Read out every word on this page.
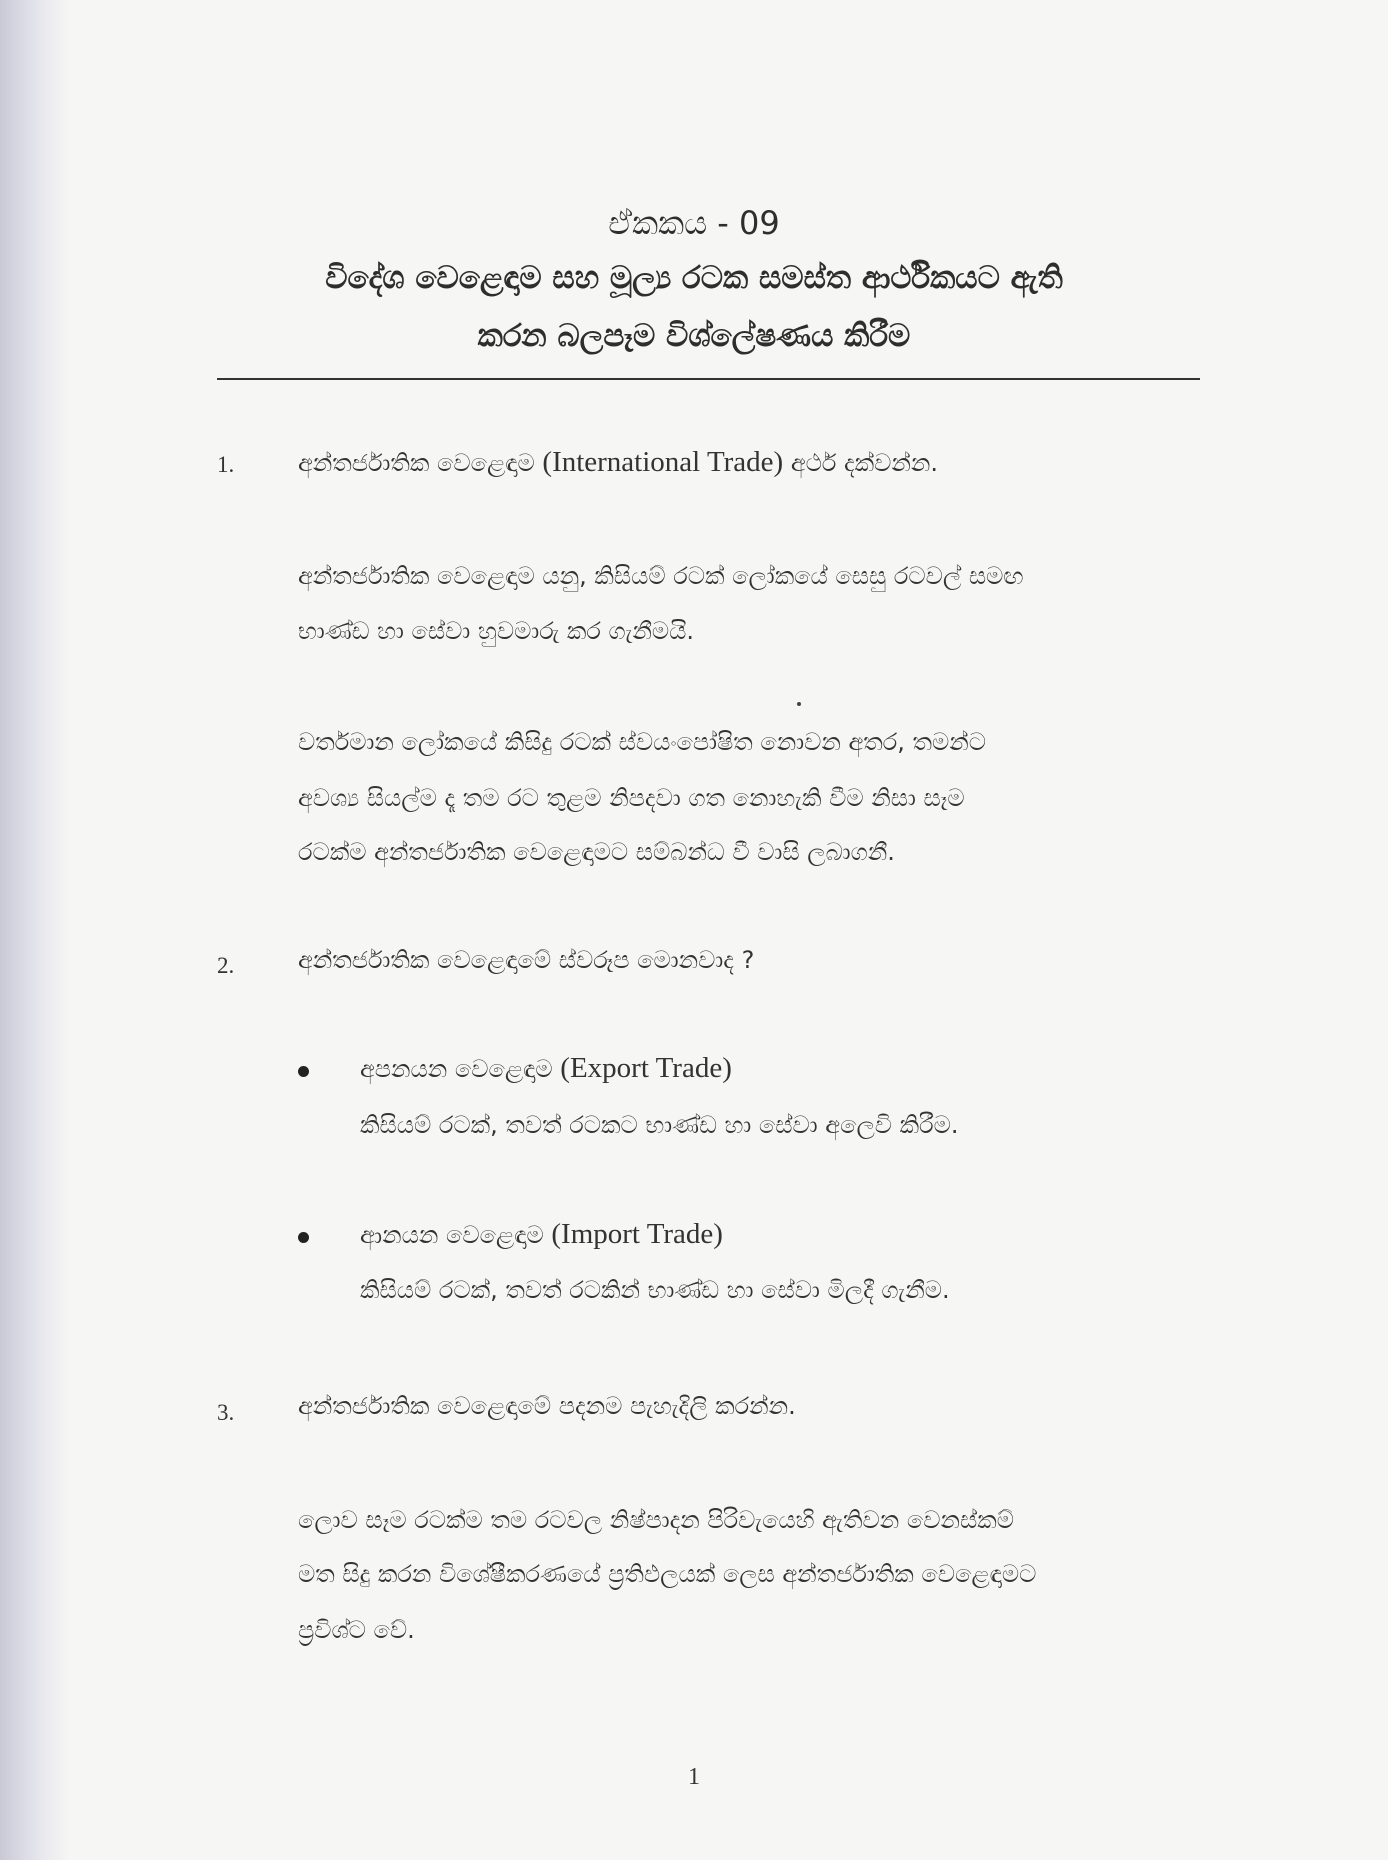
ඒකකය - 09
විදේශ වෙළෙඳාම සහ මූල්‍ය රටක සමස්ත ආර්ථිකයට ඇති
කරන බලපෑම විශ්ලේෂණය කිරීම
1.	අන්තර්ජාතික වෙළෙඳාම (International Trade) අර්ථ දක්වන්න.
අන්තර්ජාතික වෙළෙඳාම යනු, කිසියම් රටක් ලෝකයේ සෙසු රටවල් සමඟ
භාණ්ඩ හා සේවා හුවමාරු කර ගැනීමයි.
වර්තමාන ලෝකයේ කිසිදු රටක් ස්වයංපෝෂිත නොවන අතර, තමන්ට
අවශ්‍ය සියල්ම දෑ තම රට තුළම නිපදවා ගත නොහැකි වීම නිසා සෑම
රටක්ම අන්තර්ජාතික වෙළෙඳාමට සම්බන්ධ වී වාසි ලබාගනී.
2.	අන්තර්ජාතික වෙළෙඳාමේ ස්වරූප මොනවාද ?
අපනයන වෙළෙඳාම (Export Trade)
කිසියම් රටක්, තවත් රටකට භාණ්ඩ හා සේවා අලෙවි කිරීම.
ආනයන වෙළෙඳාම (Import Trade)
කිසියම් රටක්, තවත් රටකින් භාණ්ඩ හා සේවා මිලදී ගැනීම.
3.	අන්තර්ජාතික වෙළෙඳාමේ පදනම පැහැදිලි කරන්න.
ලොව සෑම රටක්ම තම රටවල නිෂ්පාදන පිරිවැයෙහි ඇතිවන වෙනස්කම්
මත සිදු කරන විශේෂීකරණයේ ප්‍රතිඵලයක් ලෙස අන්තර්ජාතික වෙළෙඳාමට
ප්‍රවිශ්ට වේ.
1
